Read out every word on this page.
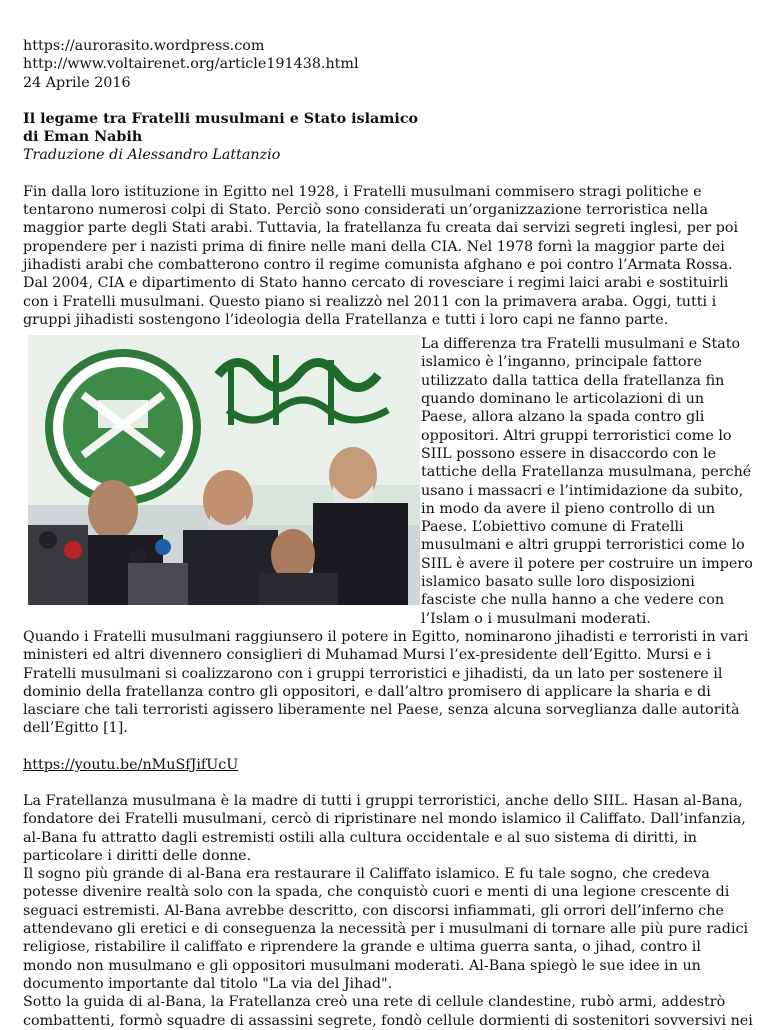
https://aurorasito.wordpress.com

http://www.voltairenet.org/article191438.html

24 Aprile 2016

Il legame tra Fratelli musulmani e Stato islamico

di Eman Nabih

Traduzione di Alessandro Lattanzio

Fin dalla loro istituzione in Egitto nel 1928, i Fratelli musulmani commisero stragi politiche e tentarono numerosi colpi di Stato. Perciò sono considerati un’organizzazione terroristica nella maggior parte degli Stati arabi. Tuttavia, la fratellanza fu creata dai servizi segreti inglesi, per poi propendere per i nazisti prima di finire nelle mani della CIA. Nel 1978 fornì la maggior parte dei jihadisti arabi che combatterono contro il regime comunista afghano e poi contro l’Armata Rossa. Dal 2004, CIA e dipartimento di Stato hanno cercato di rovesciare i regimi laici arabi e sostituirli con i Fratelli musulmani. Questo piano si realizzò nel 2011 con la primavera araba. Oggi, tutti i gruppi jihadisti sostengono l’ideologia della Fratellanza e tutti i loro capi ne fanno parte.

La differenza tra Fratelli musulmani e Stato islamico è l’inganno, principale fattore utilizzato dalla tattica della fratellanza fin quando dominano le articolazioni di un Paese, allora alzano la spada contro gli oppositori. Altri gruppi terroristici come lo SIIL possono essere in disaccordo con le tattiche della Fratellanza musulmana, perché usano i massacri e l’intimidazione da subito, in modo da avere il pieno controllo di un Paese. L’obiettivo comune di Fratelli musulmani e altri gruppi terroristici come lo SIIL è avere il potere per costruire un impero islamico basato sulle loro disposizioni fasciste che nulla hanno a che vedere con l’Islam o i musulmani moderati.

Quando i Fratelli musulmani raggiunsero il potere in Egitto, nominarono jihadisti e terroristi in vari ministeri ed altri divennero consiglieri di Muhamad Mursi l’ex-presidente dell’Egitto. Mursi e i Fratelli musulmani si coalizzarono con i gruppi terroristici e jihadisti, da un lato per sostenere il dominio della fratellanza contro gli oppositori, e dall’altro promisero di applicare la sharia e di lasciare che tali terroristi agissero liberamente nel Paese, senza alcuna sorveglianza dalle autorità dell’Egitto [1].

https://youtu.be/nMuSfJifUcU

La Fratellanza musulmana è la madre di tutti i gruppi terroristici, anche dello SIIL. Hasan al-Bana, fondatore dei Fratelli musulmani, cercò di ripristinare nel mondo islamico il Califfato. Dall’infanzia, al-Bana fu attratto dagli estremisti ostili alla cultura occidentale e al suo sistema di diritti, in particolare i diritti delle donne.

Il sogno più grande di al-Bana era restaurare il Califfato islamico. E fu tale sogno, che credeva potesse divenire realtà solo con la spada, che conquistò cuori e menti di una legione crescente di seguaci estremisti. Al-Bana avrebbe descritto, con discorsi infiammati, gli orrori dell’inferno che attendevano gli eretici e di conseguenza la necessità per i musulmani di tornare alle più pure radici religiose, ristabilire il califfato e riprendere la grande e ultima guerra santa, o jihad, contro il mondo non musulmano e gli oppositori musulmani moderati. Al-Bana spiegò le sue idee in un documento importante dal titolo "La via del Jihad".

Sotto la guida di al-Bana, la Fratellanza creò una rete di cellule clandestine, rubò armi, addestrò combattenti, formò squadre di assassini segrete, fondò cellule dormienti di sostenitori sovversivi nei
